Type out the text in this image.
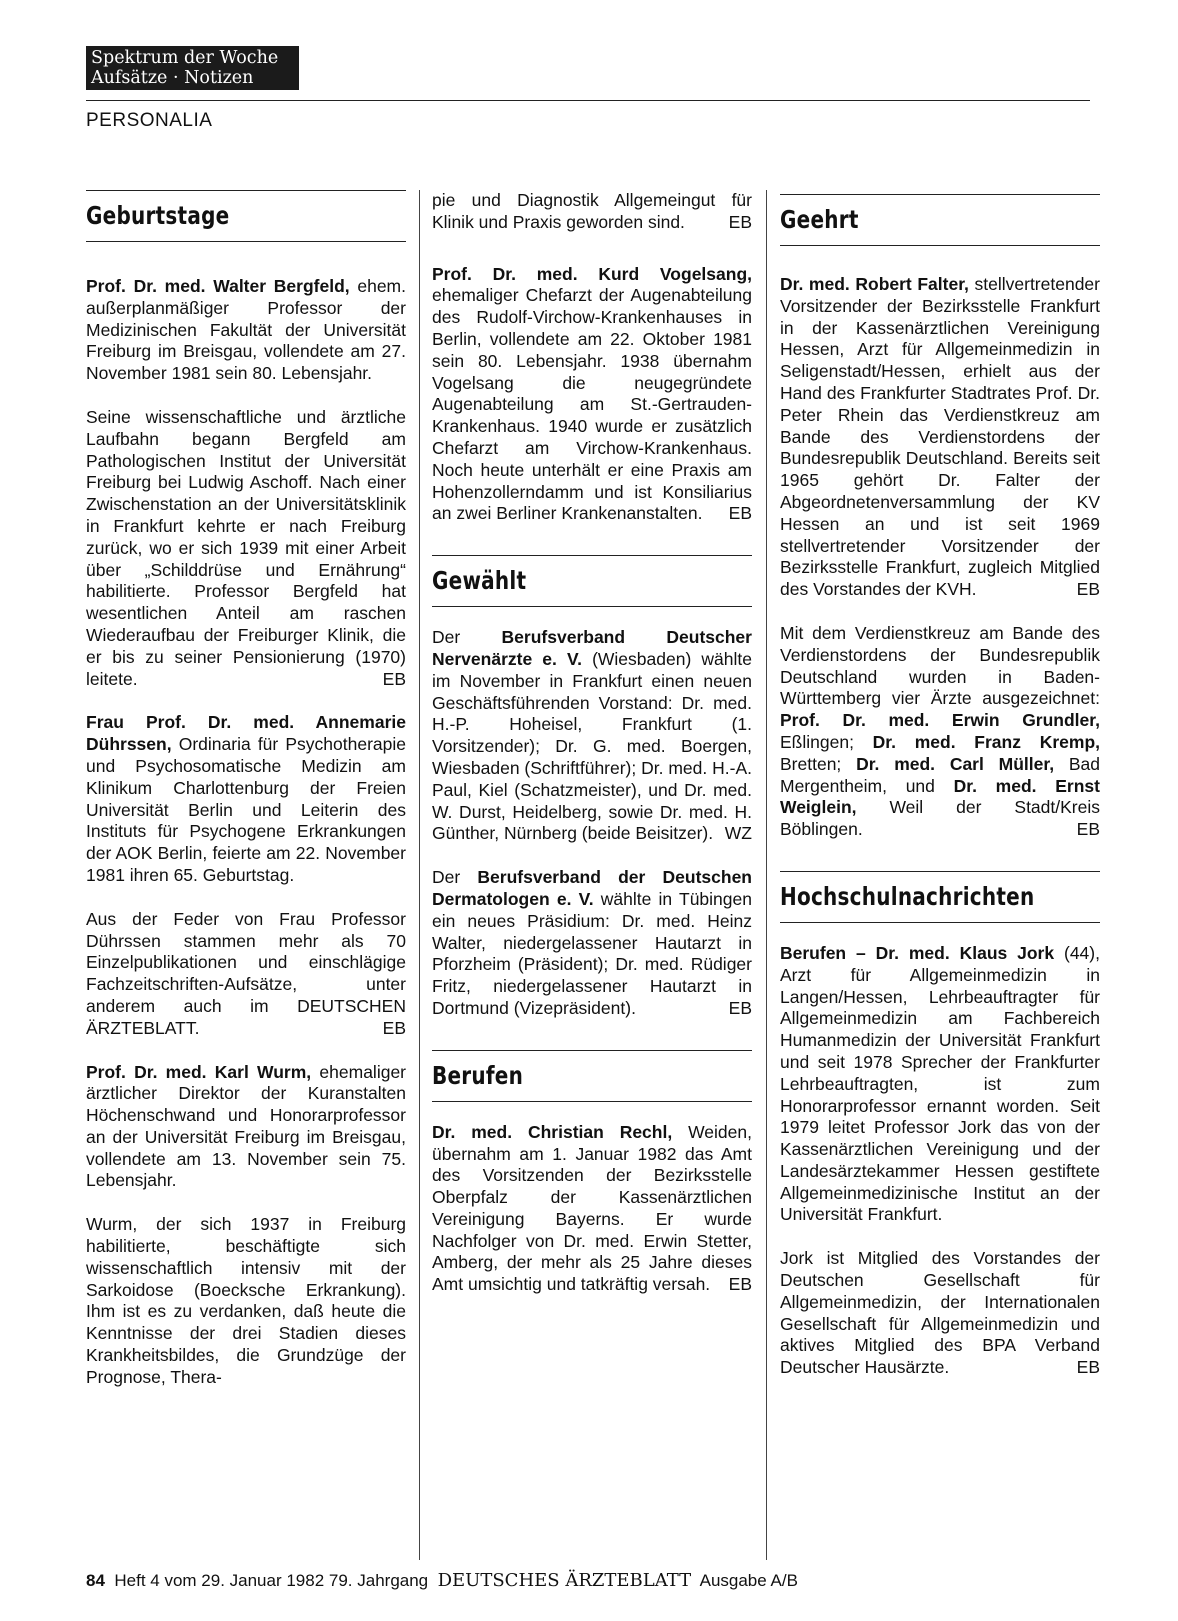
Spektrum der Woche
Aufsätze · Notizen
PERSONALIA
Geburtstage

Prof. Dr. med. Walter Bergfeld, ehem. außerplanmäßiger Professor der Medizinischen Fakultät der Universität Freiburg im Breisgau, vollendete am 27. November 1981 sein 80. Lebensjahr.

Seine wissenschaftliche und ärztliche Laufbahn begann Bergfeld am Pathologischen Institut der Universität Freiburg bei Ludwig Aschoff. Nach einer Zwischenstation an der Universitätsklinik in Frankfurt kehrte er nach Freiburg zurück, wo er sich 1939 mit einer Arbeit über „Schilddrüse und Ernährung“ habilitierte. Professor Bergfeld hat wesentlichen Anteil am raschen Wiederaufbau der Freiburger Klinik, die er bis zu seiner Pensionierung (1970) leitete.	EB

Frau Prof. Dr. med. Annemarie Dührssen, Ordinaria für Psychotherapie und Psychosomatische Medizin am Klinikum Charlottenburg der Freien Universität Berlin und Leiterin des Instituts für Psychogene Erkrankungen der AOK Berlin, feierte am 22. November 1981 ihren 65. Geburtstag.

Aus der Feder von Frau Professor Dührssen stammen mehr als 70 Einzelpublikationen und einschlägige Fachzeitschriften-Aufsätze, unter anderem auch im DEUTSCHEN ÄRZTEBLATT.	EB

Prof. Dr. med. Karl Wurm, ehemaliger ärztlicher Direktor der Kuranstalten Höchenschwand und Honorarprofessor an der Universität Freiburg im Breisgau, vollendete am 13. November sein 75. Lebensjahr.

Wurm, der sich 1937 in Freiburg habilitierte, beschäftigte sich wissenschaftlich intensiv mit der Sarkoidose (Boecksche Erkrankung). Ihm ist es zu verdanken, daß heute die Kenntnisse der drei Stadien dieses Krankheitsbildes, die Grundzüge der Prognose, Thera-

pie und Diagnostik Allgemeingut für Klinik und Praxis geworden sind. EB

Prof. Dr. med. Kurd Vogelsang, ehemaliger Chefarzt der Augenabteilung des Rudolf-Virchow-Krankenhauses in Berlin, vollendete am 22. Oktober 1981 sein 80. Lebensjahr. 1938 übernahm Vogelsang die neugegründete Augenabteilung am St.-Gertrauden-Krankenhaus. 1940 wurde er zusätzlich Chefarzt am Virchow-Krankenhaus. Noch heute unterhält er eine Praxis am Hohenzollerndamm und ist Konsiliarius an zwei Berliner Krankenanstalten. EB

Gewählt

Der Berufsverband Deutscher Nervenärzte e. V. (Wiesbaden) wählte im November in Frankfurt einen neuen Geschäftsführenden Vorstand: Dr. med. H.-P. Hoheisel, Frankfurt (1. Vorsitzender); Dr. G. med. Boergen, Wiesbaden (Schriftführer); Dr. med. H.-A. Paul, Kiel (Schatzmeister), und Dr. med. W. Durst, Heidelberg, sowie Dr. med. H. Günther, Nürnberg (beide Beisitzer). WZ

Der Berufsverband der Deutschen Dermatologen e. V. wählte in Tübingen ein neues Präsidium: Dr. med. Heinz Walter, niedergelassener Hautarzt in Pforzheim (Präsident); Dr. med. Rüdiger Fritz, niedergelassener Hautarzt in Dortmund (Vizepräsident).	EB

Berufen

Dr. med. Christian Rechl, Weiden, übernahm am 1. Januar 1982 das Amt des Vorsitzenden der Bezirksstelle Oberpfalz der Kassenärztlichen Vereinigung Bayerns. Er wurde Nachfolger von Dr. med. Erwin Stetter, Amberg, der mehr als 25 Jahre dieses Amt umsichtig und tatkräftig versah. EB

Geehrt

Dr. med. Robert Falter, stellvertretender Vorsitzender der Bezirksstelle Frankfurt in der Kassenärztlichen Vereinigung Hessen, Arzt für Allgemeinmedizin in Seligenstadt/Hessen, erhielt aus der Hand des Frankfurter Stadtrates Prof. Dr. Peter Rhein das Verdienstkreuz am Bande des Verdienstordens der Bundesrepublik Deutschland. Bereits seit 1965 gehört Dr. Falter der Abgeordnetenversammlung der KV Hessen an und ist seit 1969 stellvertretender Vorsitzender der Bezirksstelle Frankfurt, zugleich Mitglied des Vorstandes der KVH.	EB

Mit dem Verdienstkreuz am Bande des Verdienstordens der Bundesrepublik Deutschland wurden in Baden-Württemberg vier Ärzte ausgezeichnet: Prof. Dr. med. Erwin Grundler, Eßlingen; Dr. med. Franz Kremp, Bretten; Dr. med. Carl Müller, Bad Mergentheim, und Dr. med. Ernst Weiglein, Weil der Stadt/Kreis Böblingen.	EB

Hochschulnachrichten

Berufen – Dr. med. Klaus Jork (44), Arzt für Allgemeinmedizin in Langen/Hessen, Lehrbeauftragter für Allgemeinmedizin am Fachbereich Humanmedizin der Universität Frankfurt und seit 1978 Sprecher der Frankfurter Lehrbeauftragten, ist zum Honorarprofessor ernannt worden. Seit 1979 leitet Professor Jork das von der Kassenärztlichen Vereinigung und der Landesärztekammer Hessen gestiftete Allgemeinmedizinische Institut an der Universität Frankfurt.

Jork ist Mitglied des Vorstandes der Deutschen Gesellschaft für Allgemeinmedizin, der Internationalen Gesellschaft für Allgemeinmedizin und aktives Mitglied des BPA Verband Deutscher Hausärzte.	EB

84 Heft 4 vom 29. Januar 1982 79. Jahrgang DEUTSCHES ÄRZTEBLATT Ausgabe A/B
